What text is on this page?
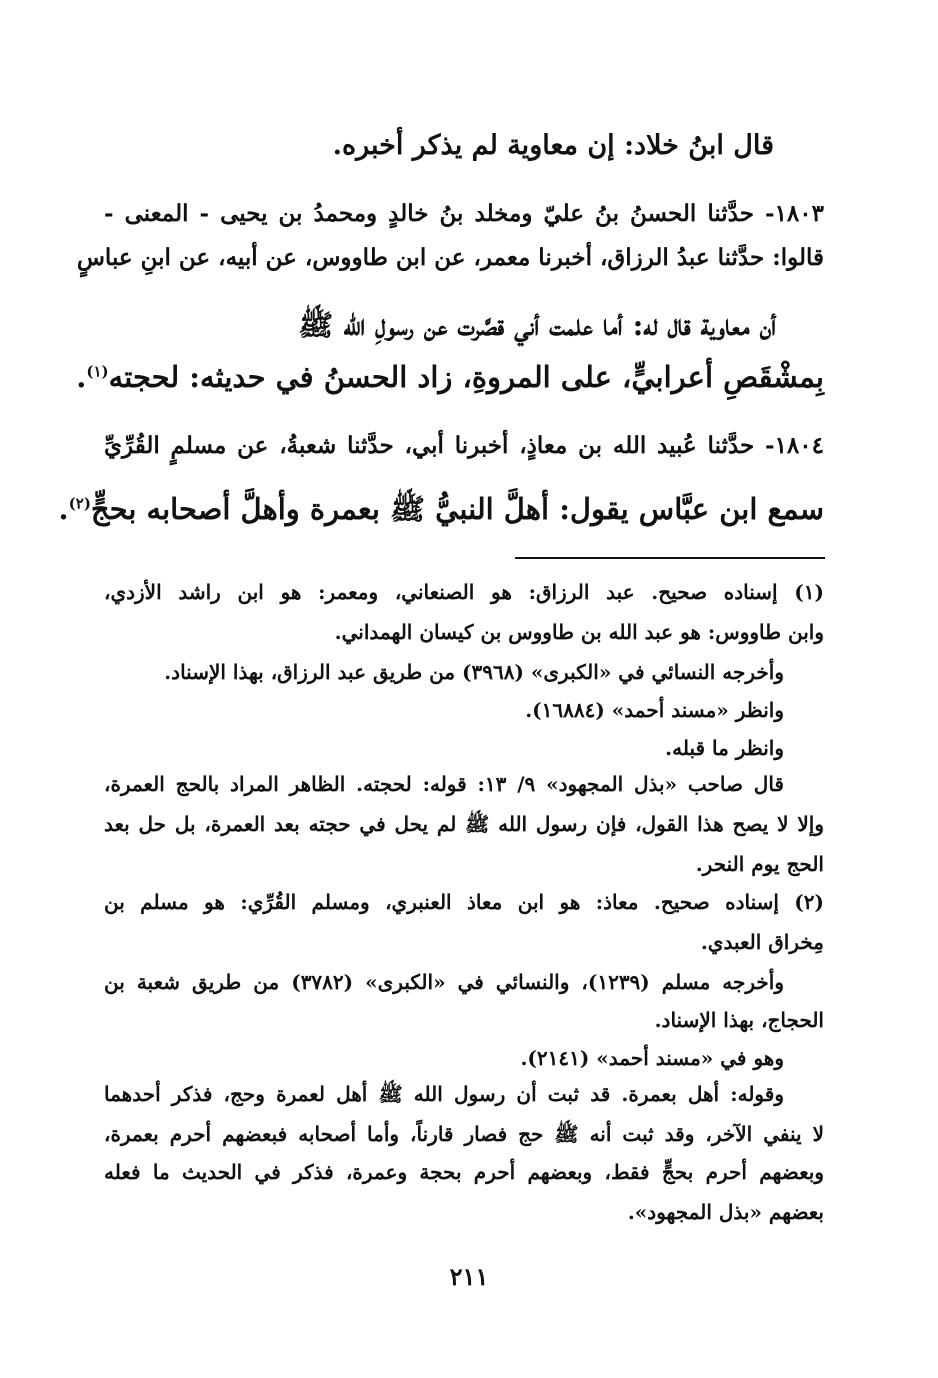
قال ابنُ خلاد: إن معاوية لم يذكر أخبره.
١٨٠٣- حدَّثنا الحسنُ بنُ عليّ ومخلد بنُ خالدٍ ومحمدُ بن يحيى - المعنى -
قالوا: حدَّثنا عبدُ الرزاق، أخبرنا معمر، عن ابن طاووس، عن أبيه، عن ابنِ عباسٍ
أن معاوية قال له: أما علمت أني قصَّرت عن رسولِ الله ﷺ
بِمشْقَصِ أعرابيٍّ، على المروةِ، زاد الحسنُ في حديثه: لحجته$^{(١)}$.
١٨٠٤- حدَّثنا عُبيد الله بن معاذٍ، أخبرنا أبي، حدَّثنا شعبةُ، عن مسلمٍ القُرِّيِّ
سمع ابن عبَّاس يقول: أهلَّ النبيُّ ﷺ بعمرة وأهلَّ أصحابه بحجٍّ$^{(٢)}$.
(١) إسناده صحيح. عبد الرزاق: هو الصنعاني، ومعمر: هو ابن راشد الأزدي،
وابن طاووس: هو عبد الله بن طاووس بن كيسان الهمداني.
وأخرجه النسائي في «الكبرى» (٣٩٦٨) من طريق عبد الرزاق، بهذا الإسناد.
وانظر «مسند أحمد» (١٦٨٨٤).
وانظر ما قبله.
قال صاحب «بذل المجهود» ٩/ ١٣: قوله: لحجته. الظاهر المراد بالحج العمرة،
وإلا لا يصح هذا القول، فإن رسول الله ﷺ لم يحل في حجته بعد العمرة، بل حل بعد
الحج يوم النحر.
(٢) إسناده صحيح. معاذ: هو ابن معاذ العنبري، ومسلم القُرِّي: هو مسلم بن
مِخراق العبدي.
وأخرجه مسلم (١٢٣٩)، والنسائي في «الكبرى» (٣٧٨٢) من طريق شعبة بن
الحجاج، بهذا الإسناد.
وهو في «مسند أحمد» (٢١٤١).
وقوله: أهل بعمرة. قد ثبت أن رسول الله ﷺ أهل لعمرة وحج، فذكر أحدهما
لا ينفي الآخر، وقد ثبت أنه ﷺ حج فصار قارناً، وأما أصحابه فبعضهم أحرم بعمرة،
وبعضهم أحرم بحجٍّ فقط، وبعضهم أحرم بحجة وعمرة، فذكر في الحديث ما فعله
بعضهم «بذل المجهود».
٢١١
